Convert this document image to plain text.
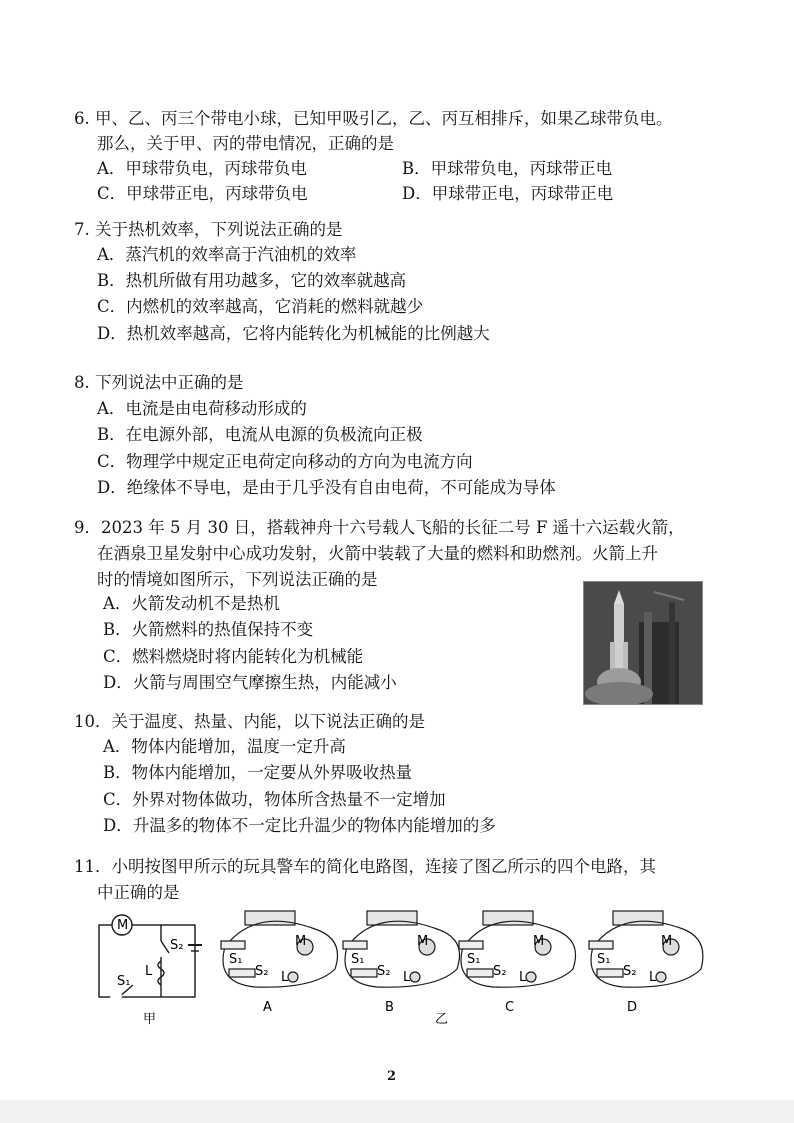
6. 甲、乙、丙三个带电小球，已知甲吸引乙，乙、丙互相排斥，如果乙球带负电。
那么，关于甲、丙的带电情况，正确的是
A．甲球带负电，丙球带负电	B．甲球带负电，丙球带正电
C．甲球带正电，丙球带负电	D．甲球带正电，丙球带正电
7. 关于热机效率，下列说法正确的是
A．蒸汽机的效率高于汽油机的效率
B．热机所做有用功越多，它的效率就越高
C．内燃机的效率越高，它消耗的燃料就越少
D．热机效率越高，它将内能转化为机械能的比例越大
8. 下列说法中正确的是
A．电流是由电荷移动形成的
B．在电源外部，电流从电源的负极流向正极
C．物理学中规定正电荷定向移动的方向为电流方向
D．绝缘体不导电，是由于几乎没有自由电荷，不可能成为导体
9．2023 年 5 月 30 日，搭载神舟十六号载人飞船的长征二号 F 遥十六运载火箭，
在酒泉卫星发射中心成功发射，火箭中装载了大量的燃料和助燃剂。火箭上升
时的情境如图所示，下列说法正确的是
A．火箭发动机不是热机
B．火箭燃料的热值保持不变
C．燃料燃烧时将内能转化为机械能
D．火箭与周围空气摩擦生热，内能减小
10．关于温度、热量、内能，以下说法正确的是
A．物体内能增加，温度一定升高
B．物体内能增加，一定要从外界吸收热量
C．外界对物体做功，物体所含热量不一定增加
D．升温多的物体不一定比升温少的物体内能增加的多
11．小明按图甲所示的玩具警车的简化电路图，连接了图乙所示的四个电路，其
中正确的是
M
S₂
L
S₁
甲
M
S₁
S₂ L
A
M
S₁
S₂ L
B
乙
M
S₁
S₂ L
C
M
S₁
S₂ L
D
2
